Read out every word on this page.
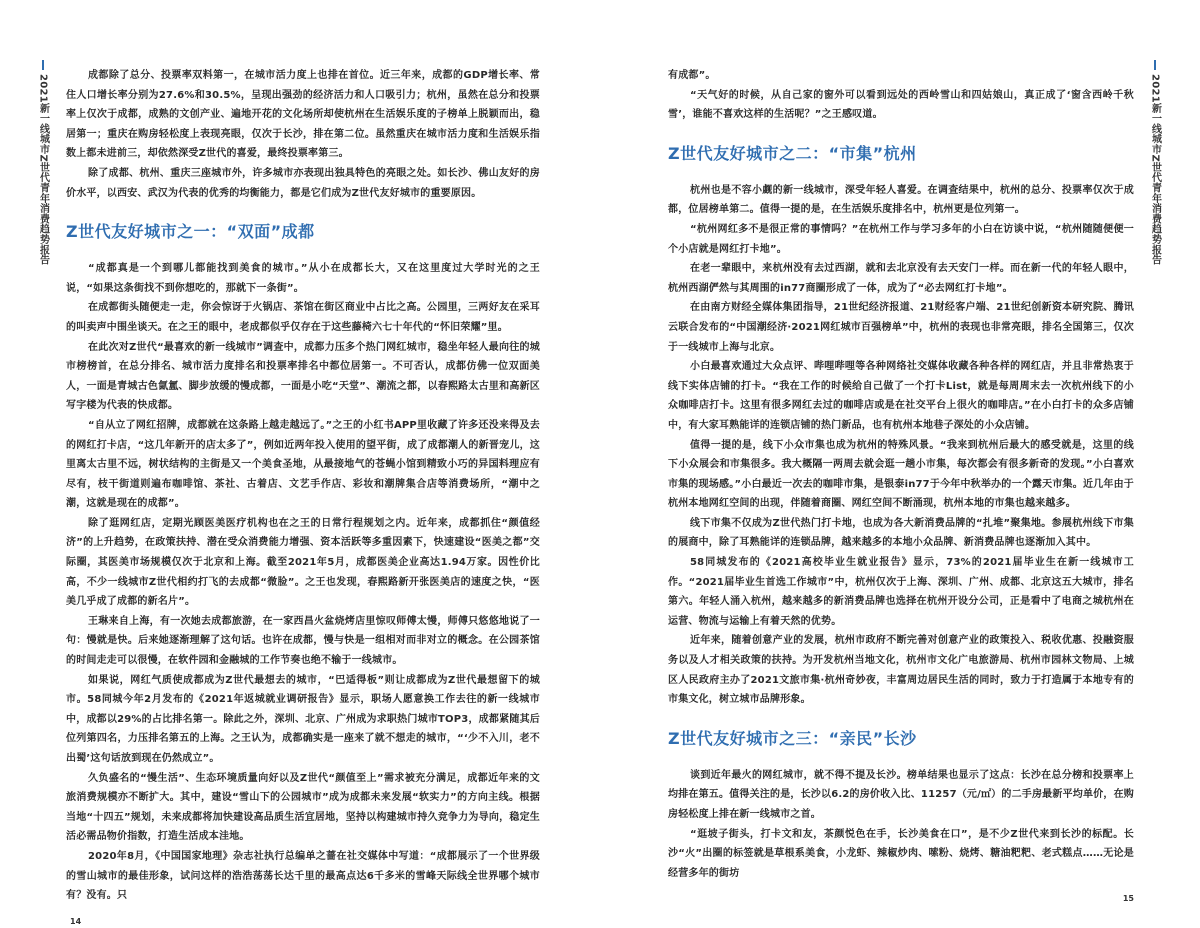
2021新一线城市Z世代青年消费趋势报告	成都除了总分、投票率双料第一，在城市活力度上也排在首位。近三年来，成都的GDP增长率、常住人口增长率分别为27.6%和30.5%，呈现出强劲的经济活力和人口吸引力；杭州，虽然在总分和投票率上仅次于成都，成熟的文创产业、遍地开花的文化场所却使杭州在生活娱乐度的子榜单上脱颖而出，稳居第一；重庆在购房轻松度上表现亮眼，仅次于长沙，排在第二位。虽然重庆在城市活力度和生活娱乐指数上都未进前三，却依然深受Z世代的喜爱，最终投票率第三。

除了成都、杭州、重庆三座城市外，许多城市亦表现出独具特色的亮眼之处。如长沙、佛山友好的房价水平，以西安、武汉为代表的优秀的均衡能力，都是它们成为Z世代友好城市的重要原因。

Z世代友好城市之一：“双面”成都

“成都真是一个到哪儿都能找到美食的城市。”从小在成都长大，又在这里度过大学时光的之王说，“如果这条街找不到你想吃的，那就下一条街”。

在成都街头随便走一走，你会惊讶于火锅店、茶馆在街区商业中占比之高。公园里，三两好友在采耳的叫卖声中围坐谈天。在之王的眼中，老成都似乎仅存在于这些藤椅六七十年代的“怀旧荣耀”里。

在此次对Z世代“最喜欢的新一线城市”调查中，成都力压多个热门网红城市，稳坐年轻人最向往的城市榜榜首，在总分排名、城市活力度排名和投票率排名中都位居第一。不可否认，成都仿佛一位双面美人，一面是青城古色氤氲、脚步放缓的慢成都，一面是小吃“天堂”、潮流之都，以春熙路太古里和高新区写字楼为代表的快成都。

“自从立了网红招牌，成都就在这条路上越走越远了。”之王的小红书APP里收藏了许多还没来得及去的网红打卡店，“这几年新开的店太多了”，例如近两年投入使用的望平街，成了成都潮人的新晋宠儿，这里离太古里不远，树状结构的主街是又一个美食圣地，从最接地气的苍蝇小馆到精致小巧的异国料理应有尽有，枝干街道则遍布咖啡馆、茶社、古着店、文艺手作店、彩妆和潮牌集合店等消费场所，“潮中之潮，这就是现在的成都”。

除了逛网红店，定期光顾医美医疗机构也在之王的日常行程规划之内。近年来，成都抓住“颜值经济”的上升趋势，在政策扶持、潜在受众消费能力增强、资本活跃等多重因素下，快速建设“医美之都”交际圈，其医美市场规模仅次于北京和上海。截至2021年5月，成都医美企业高达1.94万家。因性价比高，不少一线城市Z世代相约打飞的去成都“微脸”。之王也发现，春熙路新开张医美店的速度之快，“医美几乎成了成都的新名片”。

王琳来自上海，有一次她去成都旅游，在一家西昌火盆烧烤店里惊叹师傅太慢，师傅只悠悠地说了一句：慢就是快。后来她逐渐理解了这句话。也许在成都，慢与快是一组相对而非对立的概念。在公园茶馆的时间走走可以很慢，在软件园和金融城的工作节奏也绝不输于一线城市。

如果说，网红气质使成都成为Z世代最想去的城市，“巴适得板”则让成都成为Z世代最想留下的城市。58同城今年2月发布的《2021年返城就业调研报告》显示，职场人愿意换工作去往的新一线城市中，成都以29%的占比排名第一。除此之外，深圳、北京、广州成为求职热门城市TOP3，成都紧随其后位列第四名，力压排名第五的上海。之王认为，成都确实是一座来了就不想走的城市，“‘少不入川，老不出蜀’这句话放到现在仍然成立”。

久负盛名的“慢生活”、生态环境质量向好以及Z世代“颜值至上”需求被充分满足，成都近年来的文旅消费规模亦不断扩大。其中，建设“雪山下的公园城市”成为成都未来发展“软实力”的方向主线。根据当地“十四五”规划，未来成都将加快建设高品质生活宜居地，坚持以构建城市持久竞争力为导向，稳定生活必需品物价指数，打造生活成本洼地。

2020年8月，《中国国家地理》杂志社执行总编单之蔷在社交媒体中写道：“成都展示了一个世界级的雪山城市的最佳形象，试问这样的浩浩荡荡长达千里的最高点达6千多米的雪峰天际线全世界哪个城市有？没有。只

14
2021新一线城市Z世代青年消费趋势报告

有成都”。

“天气好的时候，从自己家的窗外可以看到远处的西岭雪山和四姑娘山，真正成了‘窗含西岭千秋雪’，谁能不喜欢这样的生活呢？”之王感叹道。

Z世代友好城市之二：“市集”杭州

杭州也是不容小觑的新一线城市，深受年轻人喜爱。在调查结果中，杭州的总分、投票率仅次于成都，位居榜单第二。值得一提的是，在生活娱乐度排名中，杭州更是位列第一。

“杭州网红多不是很正常的事情吗？”在杭州工作与学习多年的小白在访谈中说，“杭州随随便便一个小店就是网红打卡地”。

在老一辈眼中，来杭州没有去过西湖，就和去北京没有去天安门一样。而在新一代的年轻人眼中，杭州西湖俨然与其周围的in77商圈形成了一体，成为了“必去网红打卡地”。

在由南方财经全媒体集团指导，21世纪经济报道、21财经客户端、21世纪创新资本研究院、腾讯云联合发布的“中国潮经济·2021网红城市百强榜单”中，杭州的表现也非常亮眼，排名全国第三，仅次于一线城市上海与北京。

小白最喜欢通过大众点评、哔哩哔哩等各种网络社交媒体收藏各种各样的网红店，并且非常热衷于线下实体店铺的打卡。“我在工作的时候给自己做了一个打卡List，就是每周周末去一次杭州线下的小众咖啡店打卡。这里有很多网红去过的咖啡店或是在社交平台上很火的咖啡店。”在小白打卡的众多店铺中，有大家耳熟能详的连锁店铺的热门新品，也有杭州本地巷子深处的小众店铺。

值得一提的是，线下小众市集也成为杭州的特殊风景。“我来到杭州后最大的感受就是，这里的线下小众展会和市集很多。我大概隔一两周去就会逛一趟小市集，每次都会有很多新奇的发现。”小白喜欢市集的现场感。”小白最近一次去的咖啡市集，是银泰in77于今年中秋举办的一个露天市集。近几年由于杭州本地网红空间的出现，伴随着商圈、网红空间不断涌现，杭州本地的市集也越来越多。

线下市集不仅成为Z世代热门打卡地，也成为各大新消费品牌的“扎堆”聚集地。参展杭州线下市集的展商中，除了耳熟能详的连锁品牌，越来越多的本地小众品牌、新消费品牌也逐渐加入其中。

58同城发布的《2021高校毕业生就业报告》显示，73%的2021届毕业生在新一线城市工作。“2021届毕业生首选工作城市”中，杭州仅次于上海、深圳、广州、成都、北京这五大城市，排名第六。年轻人涌入杭州，越来越多的新消费品牌也选择在杭州开设分公司，正是看中了电商之城杭州在运营、物流与运输上有着天然的优势。

近年来，随着创意产业的发展，杭州市政府不断完善对创意产业的政策投入、税收优惠、投融资服务以及人才相关政策的扶持。为开发杭州当地文化，杭州市文化广电旅游局、杭州市园林文物局、上城区人民政府主办了2021文旅市集·杭州奇妙夜，丰富周边居民生活的同时，致力于打造属于本地专有的市集文化，树立城市品牌形象。

Z世代友好城市之三：“亲民”长沙

谈到近年最火的网红城市，就不得不提及长沙。榜单结果也显示了这点：长沙在总分榜和投票率上均排在第五。值得关注的是，长沙以6.2的房价收入比、11257（元/㎡）的二手房最新平均单价，在购房轻松度上排在新一线城市之首。

“逛坡子街头，打卡文和友，茶颜悦色在手，长沙美食在口”，是不少Z世代来到长沙的标配。长沙“火”出圈的标签就是草根系美食，小龙虾、辣椒炒肉、嗦粉、烧烤、糖油粑粑、老式糕点……无论是经营多年的街坊

15
